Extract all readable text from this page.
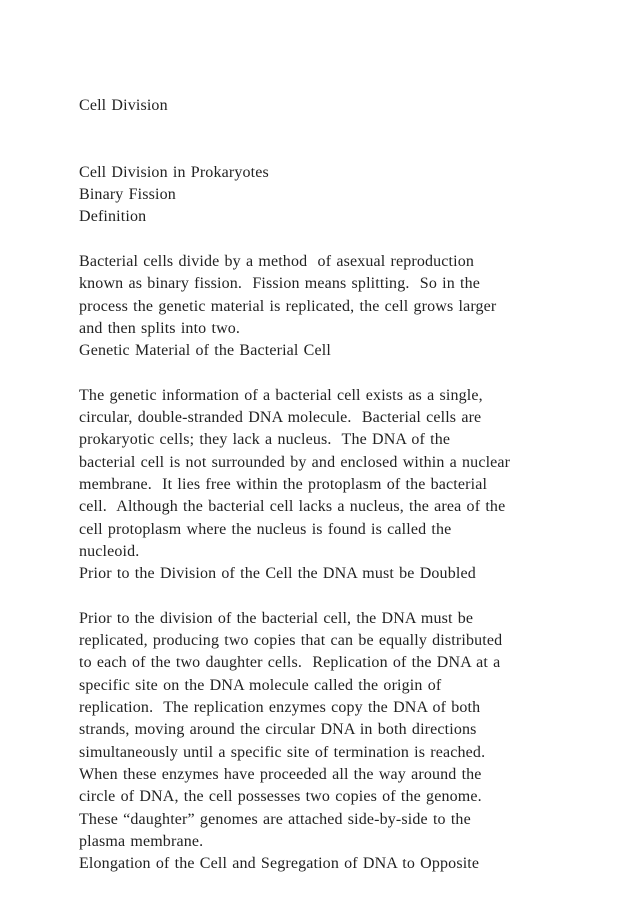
Cell Division
Cell Division in Prokaryotes
Binary Fission
Definition
Bacterial cells divide by a method  of asexual reproduction
known as binary fission.  Fission means splitting.  So in the
process the genetic material is replicated, the cell grows larger
and then splits into two.
Genetic Material of the Bacterial Cell
The genetic information of a bacterial cell exists as a single,
circular, double-stranded DNA molecule.  Bacterial cells are
prokaryotic cells; they lack a nucleus.  The DNA of the
bacterial cell is not surrounded by and enclosed within a nuclear
membrane.  It lies free within the protoplasm of the bacterial
cell.  Although the bacterial cell lacks a nucleus, the area of the
cell protoplasm where the nucleus is found is called the
nucleoid.
Prior to the Division of the Cell the DNA must be Doubled
Prior to the division of the bacterial cell, the DNA must be
replicated, producing two copies that can be equally distributed
to each of the two daughter cells.  Replication of the DNA at a
specific site on the DNA molecule called the origin of
replication.  The replication enzymes copy the DNA of both
strands, moving around the circular DNA in both directions
simultaneously until a specific site of termination is reached.
When these enzymes have proceeded all the way around the
circle of DNA, the cell possesses two copies of the genome.
These “daughter” genomes are attached side-by-side to the
plasma membrane.
Elongation of the Cell and Segregation of DNA to Opposite
